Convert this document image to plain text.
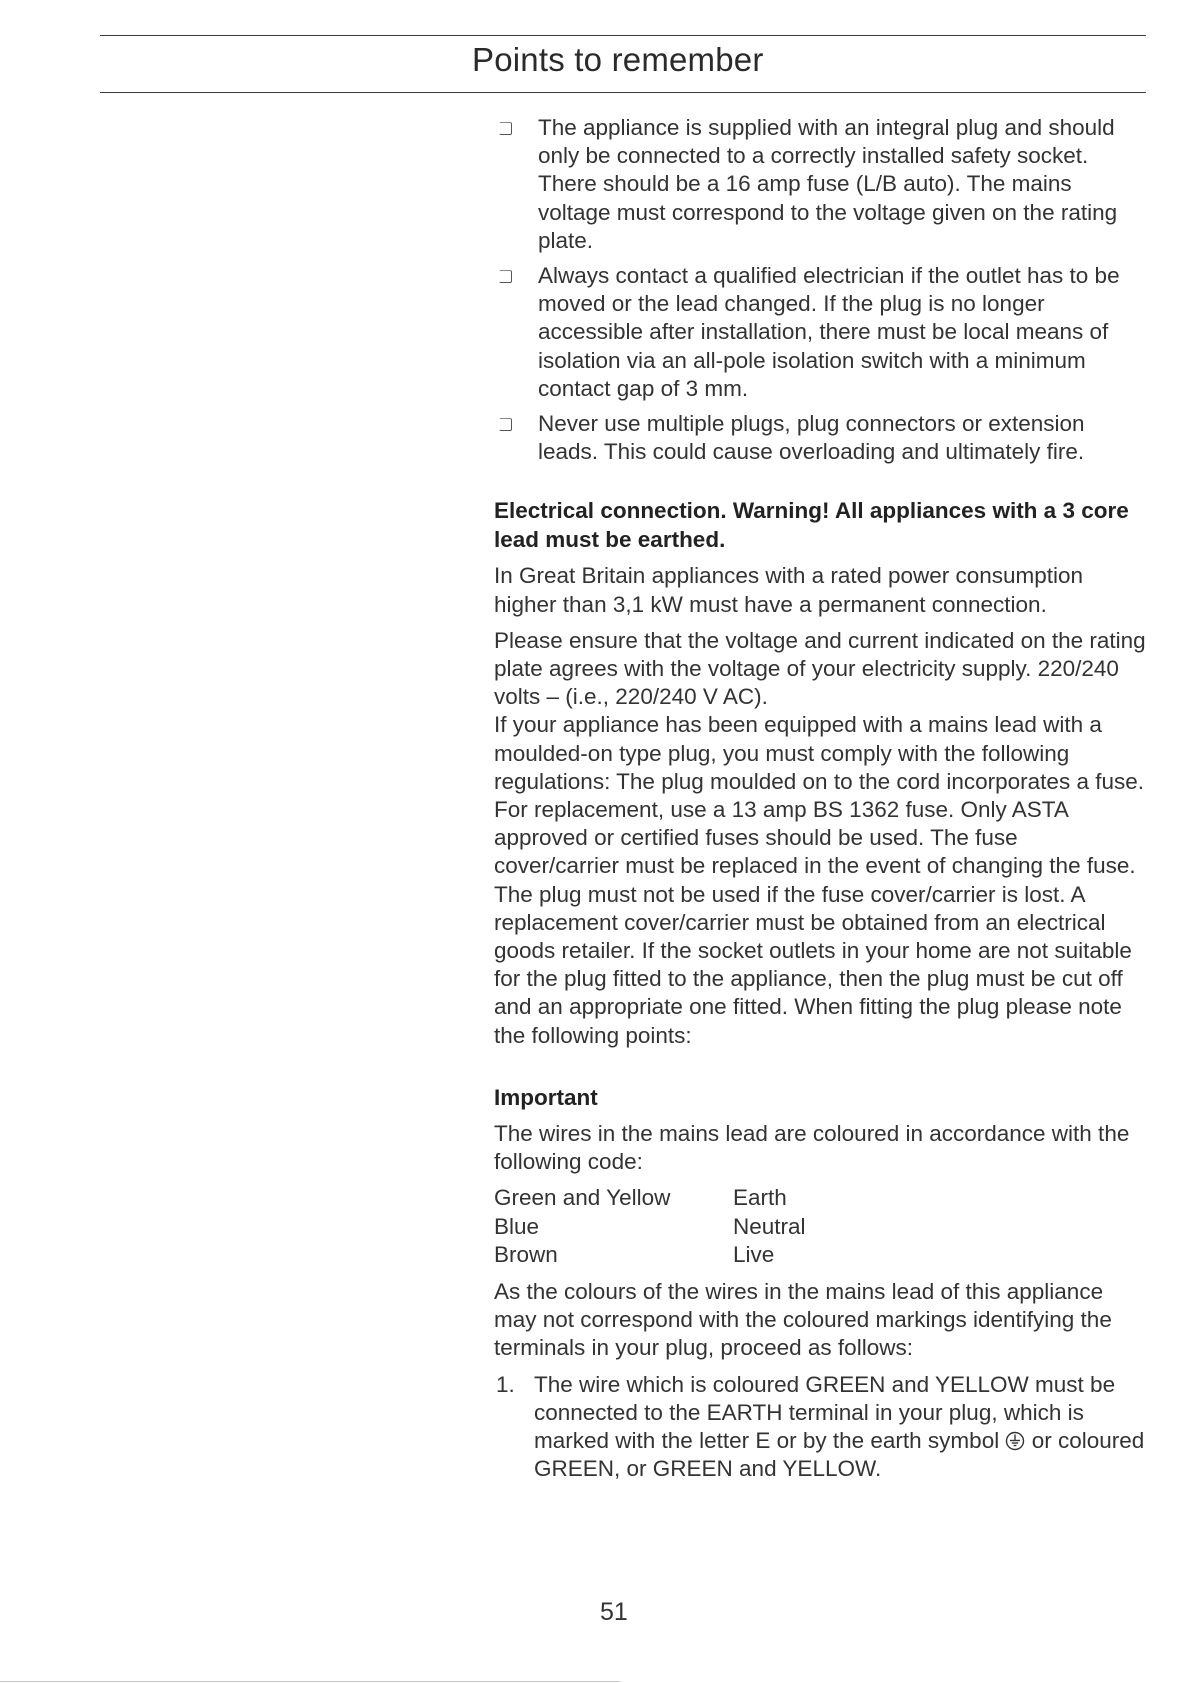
Points to remember
The appliance is supplied with an integral plug and should only be connected to a correctly installed safety socket. There should be a 16 amp fuse (L/B auto). The mains voltage must correspond to the voltage given on the rating plate.
Always contact a qualified electrician if the outlet has to be moved or the lead changed. If the plug is no longer accessible after installation, there must be local means of isolation via an all-pole isolation switch with a minimum contact gap of 3 mm.
Never use multiple plugs, plug connectors or extension leads. This could cause overloading and ultimately fire.

Electrical connection. Warning! All appliances with a 3 core lead must be earthed.

In Great Britain appliances with a rated power consumption higher than 3,1 kW must have a permanent connection.

Please ensure that the voltage and current indicated on the rating plate agrees with the voltage of your electricity supply. 220/240 volts – (i.e., 220/240 V AC).

If your appliance has been equipped with a mains lead with a moulded-on type plug, you must comply with the following regulations: The plug moulded on to the cord incorporates a fuse. For replacement, use a 13 amp BS 1362 fuse. Only ASTA approved or certified fuses should be used. The fuse cover/carrier must be replaced in the event of changing the fuse. The plug must not be used if the fuse cover/carrier is lost. A replacement cover/carrier must be obtained from an electrical goods retailer. If the socket outlets in your home are not suitable for the plug fitted to the appliance, then the plug must be cut off and an appropriate one fitted. When fitting the plug please note the following points:

Important

The wires in the mains lead are coloured in accordance with the following code:

Green and Yellow	Earth
Blue	Neutral
Brown	Live

As the colours of the wires in the mains lead of this appliance may not correspond with the coloured markings identifying the terminals in your plug, proceed as follows:

1. The wire which is coloured GREEN and YELLOW must be connected to the EARTH terminal in your plug, which is marked with the letter E or by the earth symbol or coloured GREEN, or GREEN and YELLOW.
51
